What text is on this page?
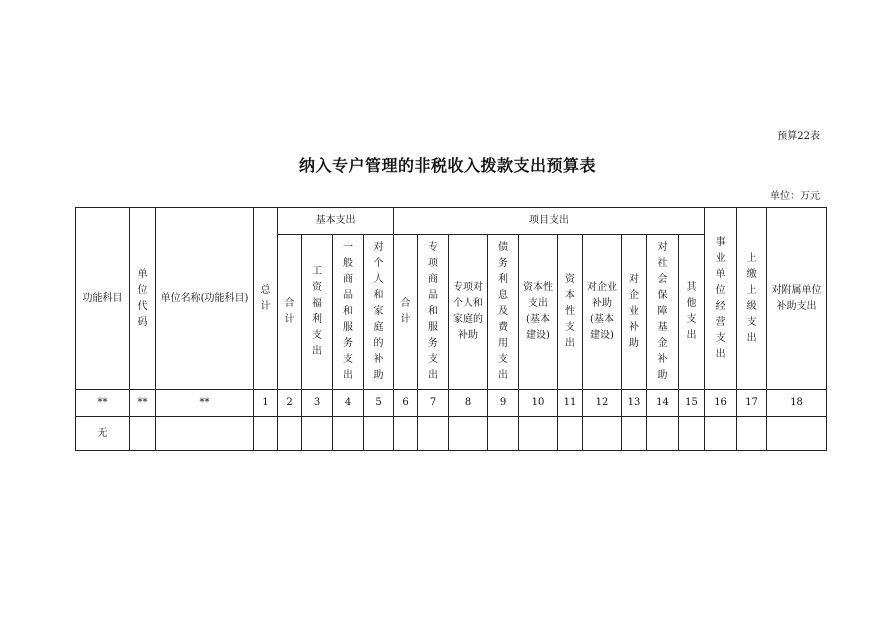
预算22表
纳入专户管理的非税收入拨款支出预算表
单位：万元
功能科目	单位代码	单位名称(功能科目)	总计	基本支出				项目支出										事业单位经营支出	上缴上级支出	对附属单位补助支出
				合计	工资福利支出	一般商品和服务支出	对个人和家庭的补助	合计	专项商品和服务支出	专项对个人和家庭的补助	债务利息及费用支出	资本性支出(基本建设)	资本性支出	对企业补助(基本建设)	对企业补助	对社会保障基金补助	其他支出			
**	**	**	1	2	3	4	5	6	7	8	9	10	11	12	13	14	15	16	17	18
无																				
